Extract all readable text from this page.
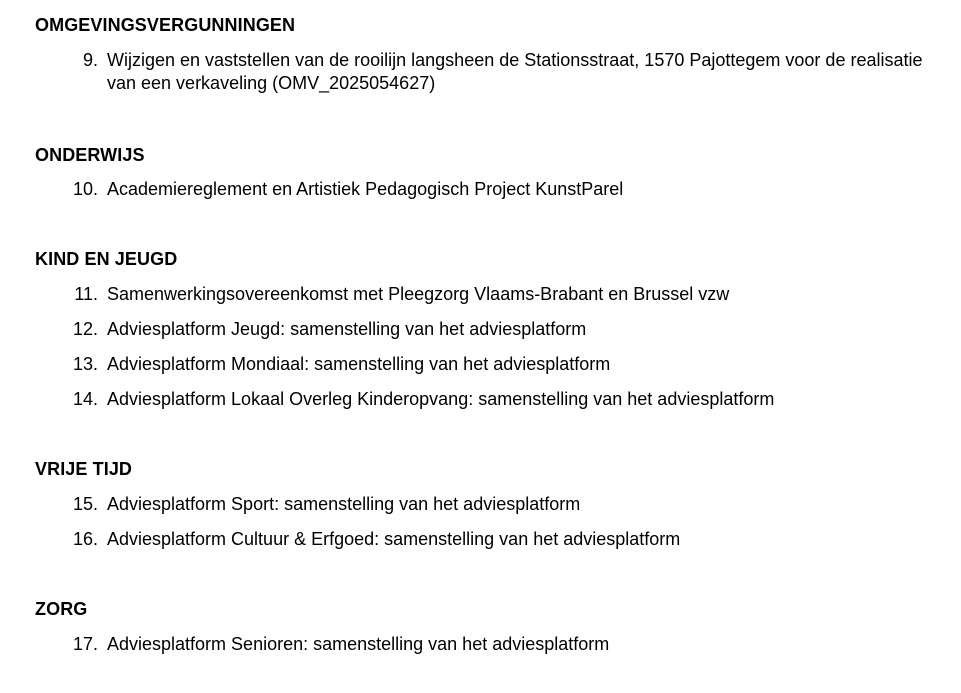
OMGEVINGSVERGUNNINGEN
9. Wijzigen en vaststellen van de rooilijn langsheen de Stationsstraat, 1570 Pajottegem voor de realisatie van een verkaveling (OMV_2025054627)
ONDERWIJS
10. Academiereglement en Artistiek Pedagogisch Project KunstParel
KIND EN JEUGD
11. Samenwerkingsovereenkomst met Pleegzorg Vlaams-Brabant en Brussel vzw
12. Adviesplatform Jeugd: samenstelling van het adviesplatform
13. Adviesplatform Mondiaal: samenstelling van het adviesplatform
14. Adviesplatform Lokaal Overleg Kinderopvang: samenstelling van het adviesplatform
VRIJE TIJD
15. Adviesplatform Sport: samenstelling van het adviesplatform
16. Adviesplatform Cultuur & Erfgoed: samenstelling van het adviesplatform
ZORG
17. Adviesplatform Senioren: samenstelling van het adviesplatform
